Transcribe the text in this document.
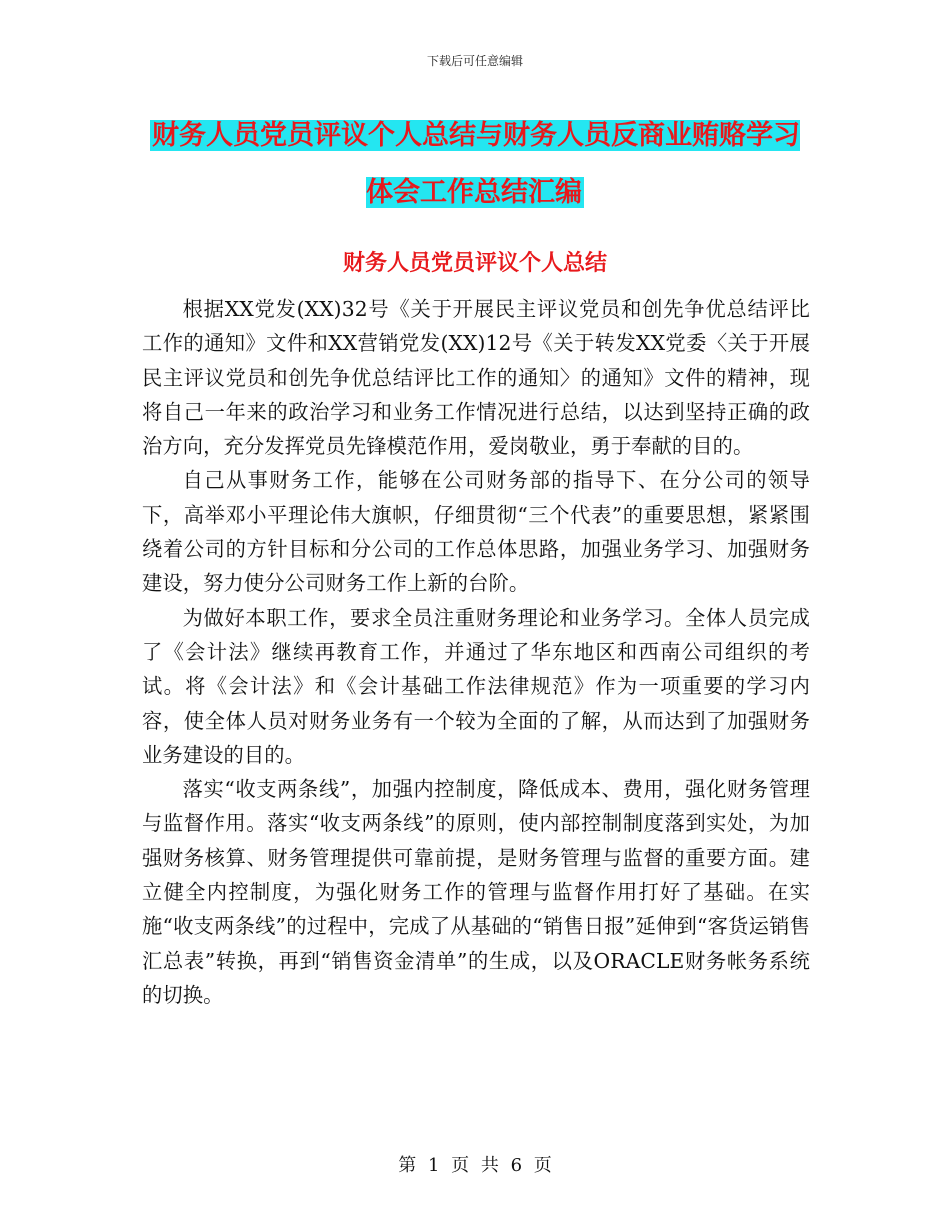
下载后可任意编辑
财务人员党员评议个人总结与财务人员反商业贿赂学习体会工作总结汇编
财务人员党员评议个人总结

根据XX党发(XX)32号《关于开展民主评议党员和创先争优总结评比工作的通知》文件和XX营销党发(XX)12号《关于转发XX党委〈关于开展民主评议党员和创先争优总结评比工作的通知〉的通知》文件的精神，现将自己一年来的政治学习和业务工作情况进行总结，以达到坚持正确的政治方向，充分发挥党员先锋模范作用，爱岗敬业，勇于奉献的目的。

自己从事财务工作，能够在公司财务部的指导下、在分公司的领导下，高举邓小平理论伟大旗帜，仔细贯彻“三个代表”的重要思想，紧紧围绕着公司的方针目标和分公司的工作总体思路，加强业务学习、加强财务建设，努力使分公司财务工作上新的台阶。

为做好本职工作，要求全员注重财务理论和业务学习。全体人员完成了《会计法》继续再教育工作，并通过了华东地区和西南公司组织的考试。将《会计法》和《会计基础工作法律规范》作为一项重要的学习内容，使全体人员对财务业务有一个较为全面的了解，从而达到了加强财务业务建设的目的。

落实“收支两条线”，加强内控制度，降低成本、费用，强化财务管理与监督作用。落实“收支两条线”的原则，使内部控制制度落到实处，为加强财务核算、财务管理提供可靠前提，是财务管理与监督的重要方面。建立健全内控制度，为强化财务工作的管理与监督作用打好了基础。在实施“收支两条线”的过程中，完成了从基础的“销售日报”延伸到“客货运销售汇总表”转换，再到“销售资金清单”的生成，以及ORACLE财务帐务系统的切换。

第 1 页 共 6 页
